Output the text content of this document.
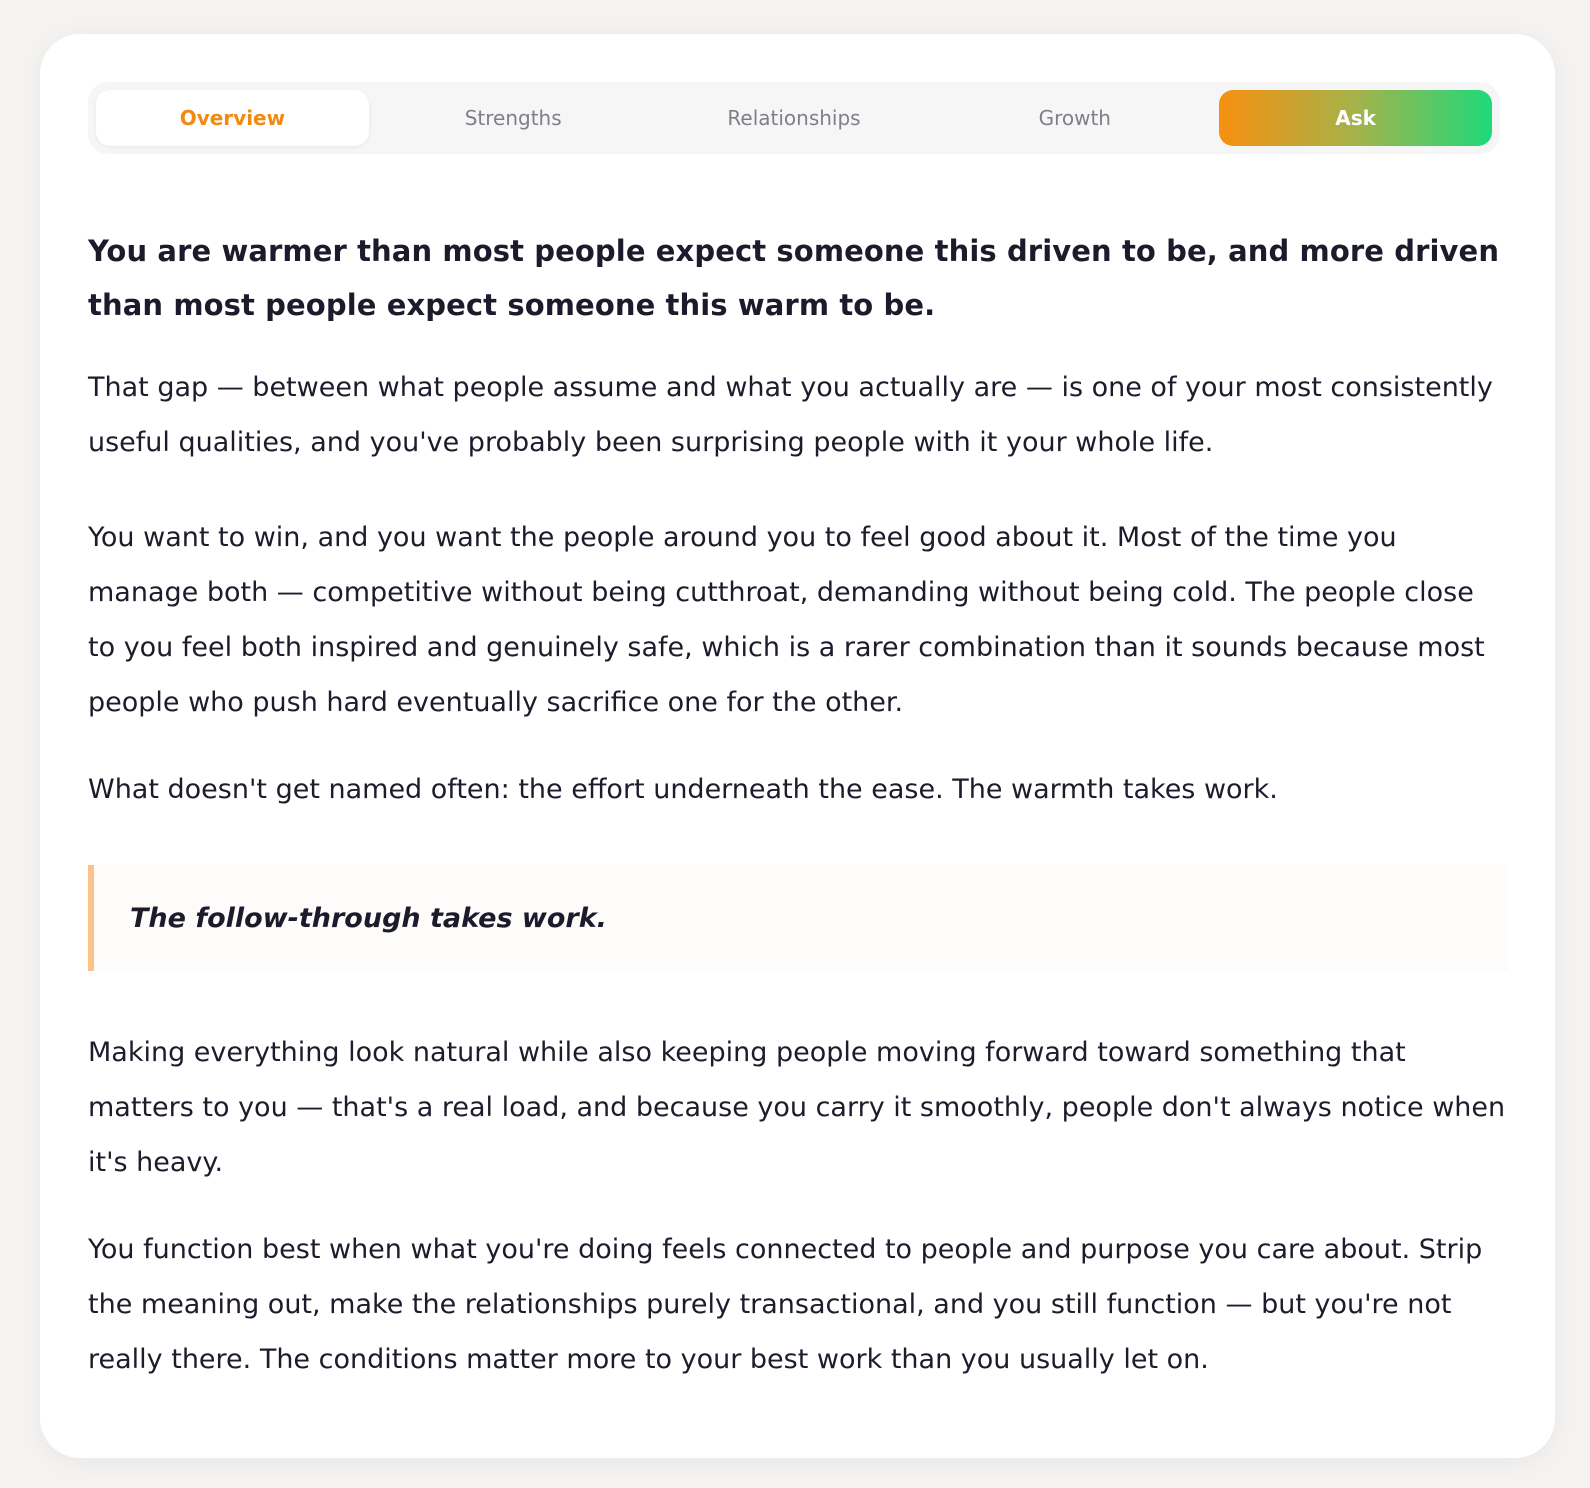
Overview	Strengths	Relationships	Growth	Ask

You are warmer than most people expect someone this driven to be, and more driven than most people expect someone this warm to be.

That gap — between what people assume and what you actually are — is one of your most consistently useful qualities, and you've probably been surprising people with it your whole life.

You want to win, and you want the people around you to feel good about it. Most of the time you manage both — competitive without being cutthroat, demanding without being cold. The people close to you feel both inspired and genuinely safe, which is a rarer combination than it sounds because most people who push hard eventually sacrifice one for the other.

What doesn't get named often: the effort underneath the ease. The warmth takes work.

The follow-through takes work.

Making everything look natural while also keeping people moving forward toward something that matters to you — that's a real load, and because you carry it smoothly, people don't always notice when it's heavy.

You function best when what you're doing feels connected to people and purpose you care about. Strip the meaning out, make the relationships purely transactional, and you still function — but you're not really there. The conditions matter more to your best work than you usually let on.
